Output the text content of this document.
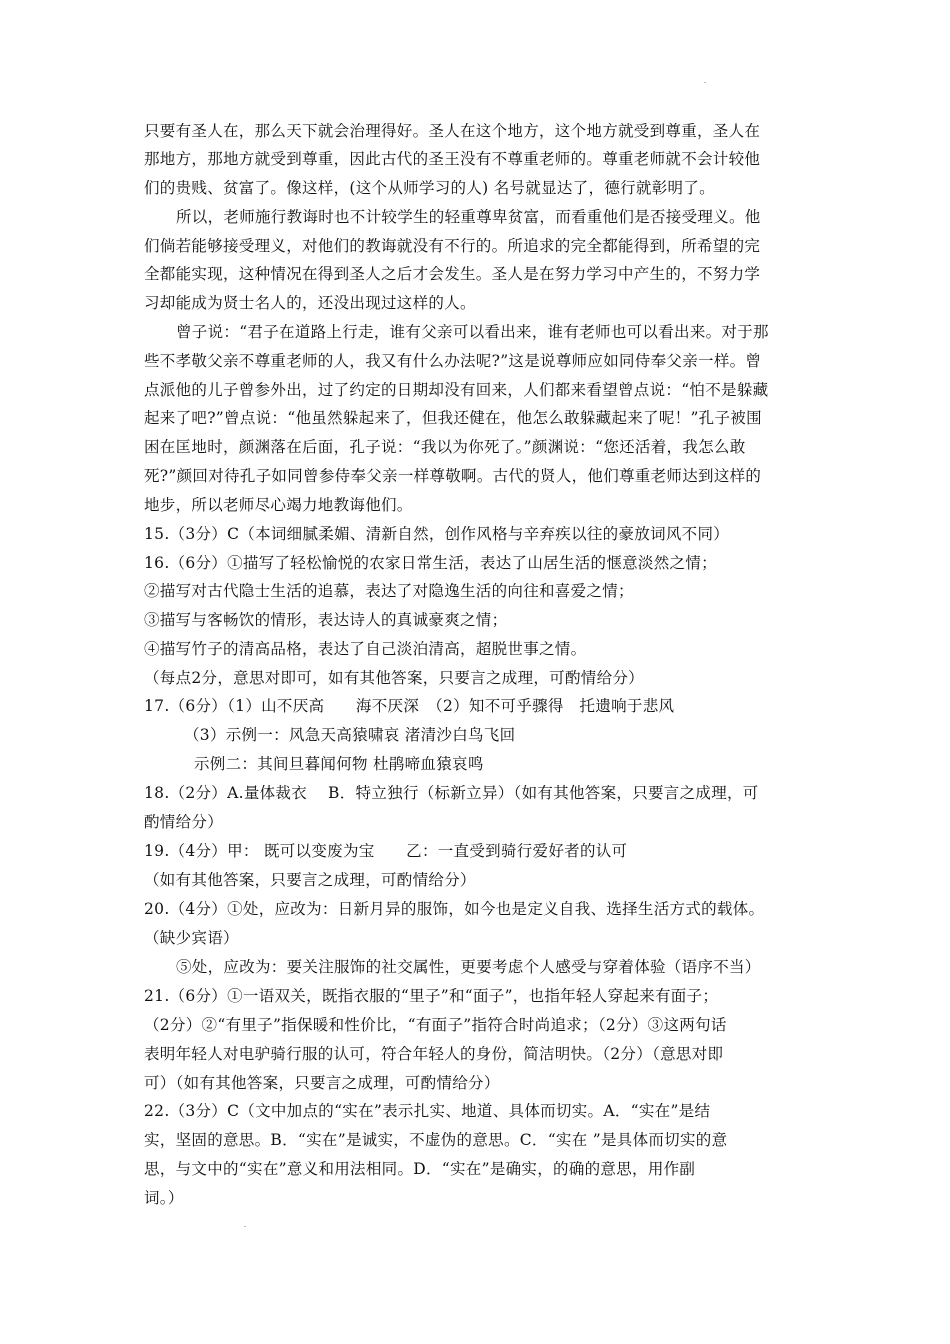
只要有圣人在，那么天下就会治理得好。圣人在这个地方，这个地方就受到尊重，圣人在
那地方，那地方就受到尊重，因此古代的圣王没有不尊重老师的。尊重老师就不会计较他
们的贵贱、贫富了。像这样，(这个从师学习的人) 名号就显达了，德行就彰明了。
所以，老师施行教诲时也不计较学生的轻重尊卑贫富，而看重他们是否接受理义。他
们倘若能够接受理义，对他们的教诲就没有不行的。所追求的完全都能得到，所希望的完
全都能实现，这种情况在得到圣人之后才会发生。圣人是在努力学习中产生的，不努力学
习却能成为贤士名人的，还没出现过这样的人。
曾子说：“君子在道路上行走，谁有父亲可以看出来，谁有老师也可以看出来。对于那
些不孝敬父亲不尊重老师的人，我又有什么办法呢?”这是说尊师应如同侍奉父亲一样。曾
点派他的儿子曾参外出，过了约定的日期却没有回来，人们都来看望曾点说：“怕不是躲藏
起来了吧?”曾点说：“他虽然躲起来了，但我还健在，他怎么敢躲藏起来了呢！”孔子被围
困在匡地时，颜渊落在后面，孔子说：“我以为你死了。”颜渊说：“您还活着，我怎么敢
死?”颜回对待孔子如同曾参侍奉父亲一样尊敬啊。古代的贤人，他们尊重老师达到这样的
地步，所以老师尽心竭力地教诲他们。
15.（3分）C（本词细腻柔媚、清新自然，创作风格与辛弃疾以往的豪放词风不同）
16.（6分）①描写了轻松愉悦的农家日常生活，表达了山居生活的惬意淡然之情；
②描写对古代隐士生活的追慕，表达了对隐逸生活的向往和喜爱之情；
③描写与客畅饮的情形，表达诗人的真诚豪爽之情；
④描写竹子的清高品格，表达了自己淡泊清高，超脱世事之情。
（每点2分，意思对即可，如有其他答案，只要言之成理，可酌情给分）
17.（6分）（1）山不厌高　　海不厌深　（2）知不可乎骤得　托遗响于悲风
（3）示例一：风急天高猿啸哀 渚清沙白鸟飞回
示例二：其间旦暮闻何物 杜鹃啼血猿哀鸣
18.（2分）A.量体裁衣　 B．特立独行（标新立异）（如有其他答案，只要言之成理，可
酌情给分）
19.（4分）甲： 既可以变废为宝　　乙：一直受到骑行爱好者的认可
（如有其他答案，只要言之成理，可酌情给分）
20.（4分）①处，应改为：日新月异的服饰，如今也是定义自我、选择生活方式的载体。
（缺少宾语）
⑤处，应改为：要关注服饰的社交属性，更要考虑个人感受与穿着体验（语序不当）
21.（6分）①一语双关，既指衣服的“里子”和“面子”，也指年轻人穿起来有面子；
（2分）②“有里子”指保暖和性价比，“有面子”指符合时尚追求；（2分）③这两句话
表明年轻人对电驴骑行服的认可，符合年轻人的身份，简洁明快。（2分）（意思对即
可）（如有其他答案，只要言之成理，可酌情给分）
22.（3分）C（文中加点的“实在”表示扎实、地道、具体而切实。A．“实在”是结
实，坚固的意思。B．“实在”是诚实，不虚伪的意思。C．“实在 ”是具体而切实的意
思，与文中的“实在”意义和用法相同。D．“实在”是确实，的确的意思，用作副
词。）
